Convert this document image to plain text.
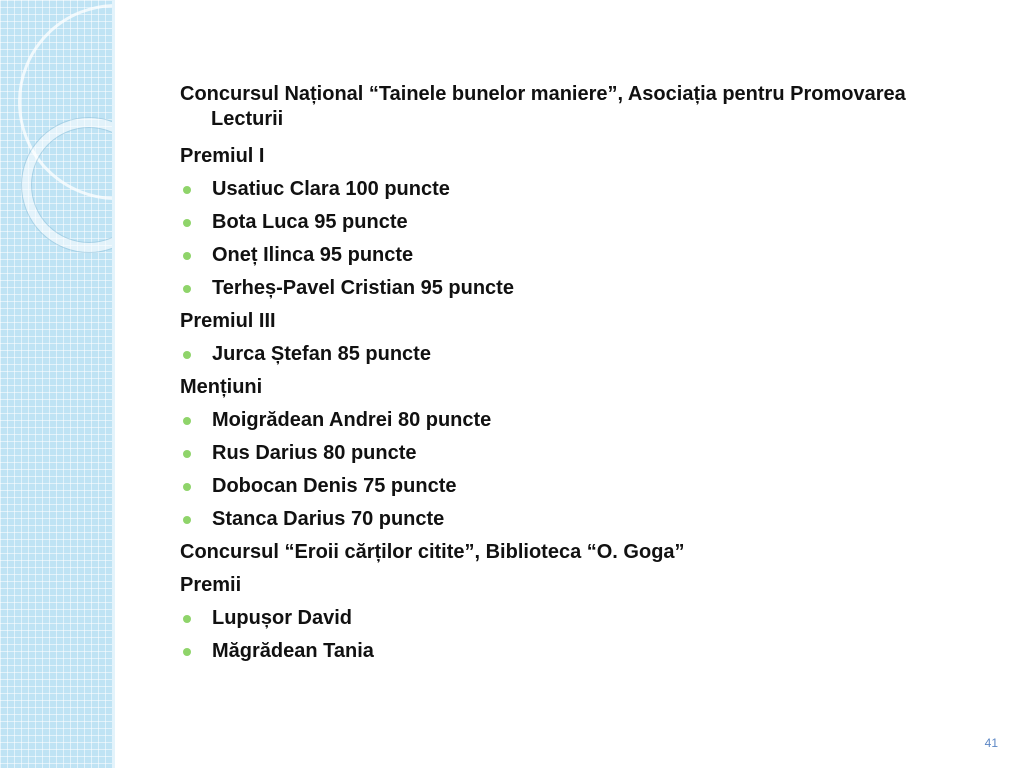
Concursul Național “Tainele bunelor maniere”, Asociația pentru Promovarea Lecturii

Premiul I

Usatiuc Clara 100 puncte
Bota Luca 95 puncte
Oneț Ilinca 95 puncte
Terheș-Pavel Cristian 95 puncte

Premiul III

Jurca Ștefan 85 puncte

Mențiuni

Moigrădean Andrei 80 puncte
Rus Darius 80 puncte
Dobocan Denis 75 puncte
Stanca Darius 70 puncte

Concursul “Eroii cărților citite”, Biblioteca “O. Goga”

Premii

Lupușor David
Măgrădean Tania
41
